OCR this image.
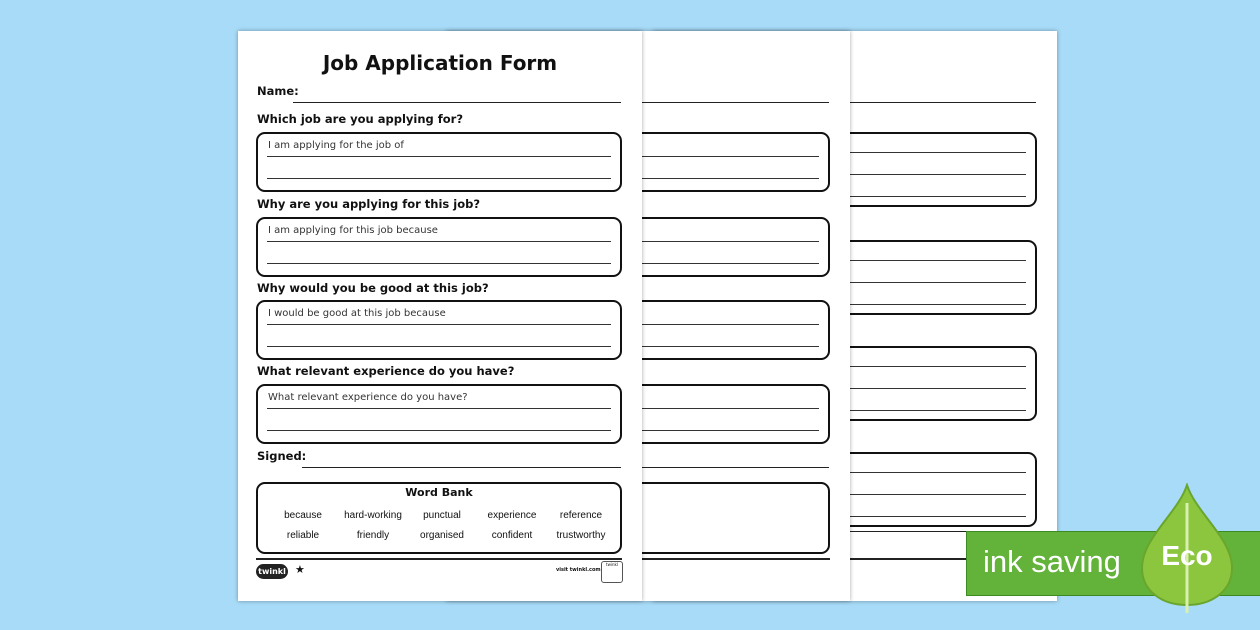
Job Application Form
Name:
Which job are you applying for?
I am applying for the job of
Why are you applying for this job?
I am applying for this job because
Why would you be good at this job?
I would be good at this job because
What relevant experience do you have?
What relevant experience do you have?
Signed:
Word Bank
because	hard-working	punctual	experience	reference
reliable	friendly	organised	confident	trustworthy
twinkl ★	visit twinkl.com
twinkl	ink saving	Eco
